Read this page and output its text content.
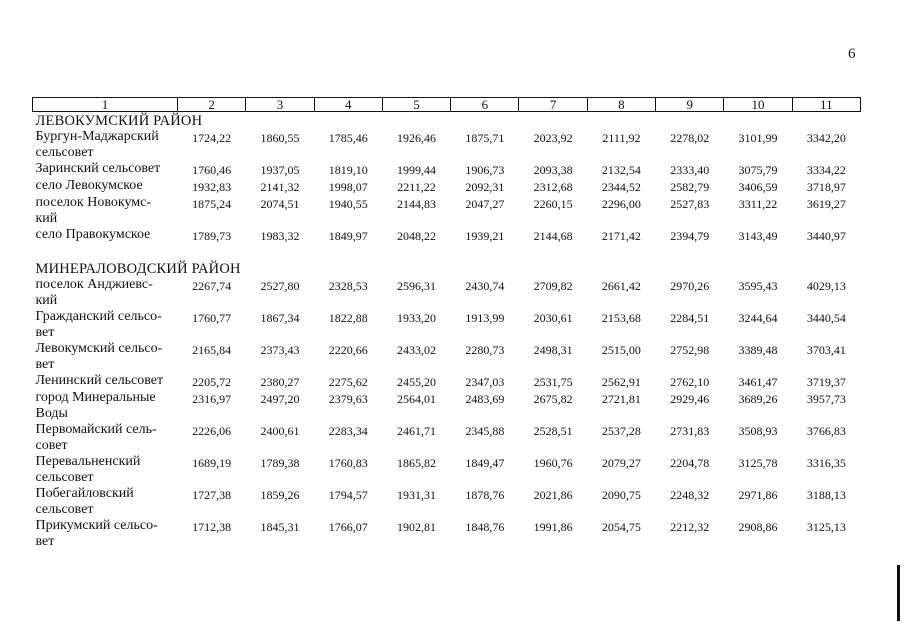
6
1	2	3	4	5	6	7	8	9	10	11

ЛЕВОКУМСКИЙ РАЙОН										
Бургун-Маджарский сельсовет	1724,22	1860,55	1785,46	1926,46	1875,71	2023,92	2111,92	2278,02	3101,99	3342,20
Заринский сельсовет	1760,46	1937,05	1819,10	1999,44	1906,73	2093,38	2132,54	2333,40	3075,79	3334,22
село Левокумское	1932,83	2141,32	1998,07	2211,22	2092,31	2312,68	2344,52	2582,79	3406,59	3718,97
поселок Новокумс-кий	1875,24	2074,51	1940,55	2144,83	2047,27	2260,15	2296,00	2527,83	3311,22	3619,27
село Правокумское	1789,73	1983,32	1849,97	2048,22	1939,21	2144,68	2171,42	2394,79	3143,49	3440,97
МИНЕРАЛОВОДСКИЙ РАЙОН										
поселок Анджиевс-кий	2267,74	2527,80	2328,53	2596,31	2430,74	2709,82	2661,42	2970,26	3595,43	4029,13
Гражданский сельсо-вет	1760,77	1867,34	1822,88	1933,20	1913,99	2030,61	2153,68	2284,51	3244,64	3440,54
Левокумский сельсо-вет	2165,84	2373,43	2220,66	2433,02	2280,73	2498,31	2515,00	2752,98	3389,48	3703,41
Ленинский сельсовет	2205,72	2380,27	2275,62	2455,20	2347,03	2531,75	2562,91	2762,10	3461,47	3719,37
город Минеральные Воды	2316,97	2497,20	2379,63	2564,01	2483,69	2675,82	2721,81	2929,46	3689,26	3957,73
Первомайский сель-совет	2226,06	2400,61	2283,34	2461,71	2345,88	2528,51	2537,28	2731,83	3508,93	3766,83
Перевальненский сельсовет	1689,19	1789,38	1760,83	1865,82	1849,47	1960,76	2079,27	2204,78	3125,78	3316,35
Побегайловский сельсовет	1727,38	1859,26	1794,57	1931,31	1878,76	2021,86	2090,75	2248,32	2971,86	3188,13
Прикумский сельсо-вет	1712,38	1845,31	1766,07	1902,81	1848,76	1991,86	2054,75	2212,32	2908,86	3125,13
